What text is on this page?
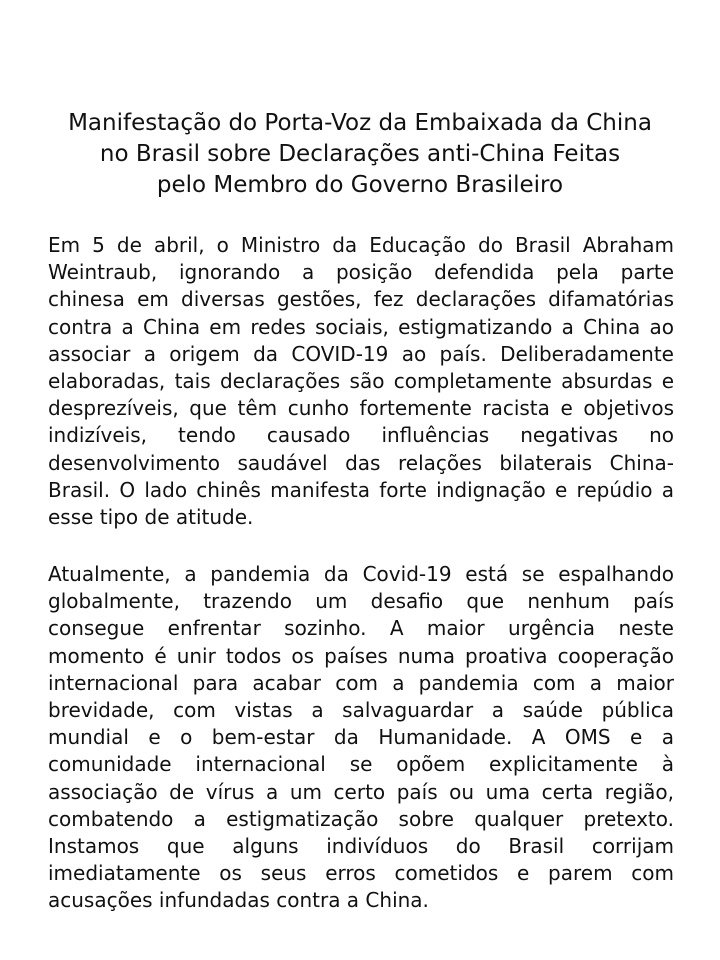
Manifestação do Porta-Voz da Embaixada da China
no Brasil sobre Declarações anti-China Feitas
pelo Membro do Governo Brasileiro
Em 5 de abril, o Ministro da Educação do Brasil Abraham
Weintraub, ignorando a posição defendida pela parte
chinesa em diversas gestões, fez declarações difamatórias
contra a China em redes sociais, estigmatizando a China ao
associar a origem da COVID-19 ao país. Deliberadamente
elaboradas, tais declarações são completamente absurdas e
desprezíveis, que têm cunho fortemente racista e objetivos
indizíveis, tendo causado influências negativas no
desenvolvimento saudável das relações bilaterais China-
Brasil. O lado chinês manifesta forte indignação e repúdio a
esse tipo de atitude.
Atualmente, a pandemia da Covid-19 está se espalhando
globalmente, trazendo um desafio que nenhum país
consegue enfrentar sozinho. A maior urgência neste
momento é unir todos os países numa proativa cooperação
internacional para acabar com a pandemia com a maior
brevidade, com vistas a salvaguardar a saúde pública
mundial e o bem-estar da Humanidade. A OMS e a
comunidade internacional se opõem explicitamente à
associação de vírus a um certo país ou uma certa região,
combatendo a estigmatização sobre qualquer pretexto.
Instamos que alguns indivíduos do Brasil corrijam
imediatamente os seus erros cometidos e parem com
acusações infundadas contra a China.
